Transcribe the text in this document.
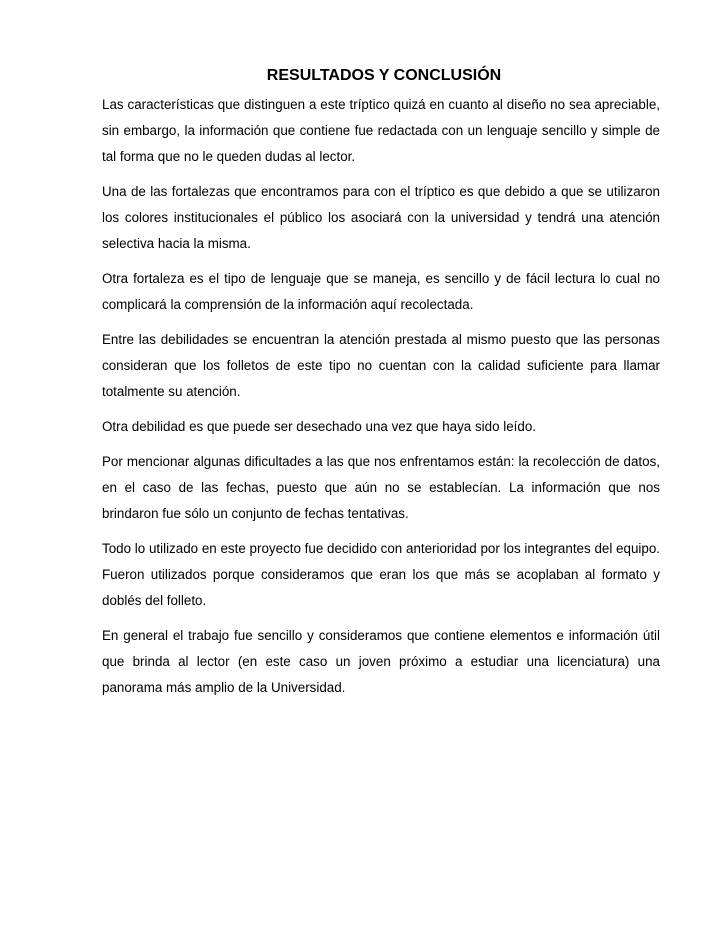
RESULTADOS Y CONCLUSIÓN

Las características que distinguen a este tríptico quizá en cuanto al diseño no sea apreciable, sin embargo, la información que contiene fue redactada con un lenguaje sencillo y simple de tal forma que no le queden dudas al lector.

Una de las fortalezas que encontramos para con el tríptico es que debido a que se utilizaron los colores institucionales el público los asociará con la universidad y tendrá una atención selectiva hacia la misma.

Otra fortaleza es el tipo de lenguaje que se maneja, es sencillo y de fácil lectura lo cual no complicará la comprensión de la información aquí recolectada.

Entre las debilidades se encuentran la atención prestada al mismo puesto que las personas consideran que los folletos de este tipo no cuentan con la calidad suficiente para llamar totalmente su atención.

Otra debilidad es que puede ser desechado una vez que haya sido leído.

Por mencionar algunas dificultades a las que nos enfrentamos están: la recolección de datos, en el caso de las fechas, puesto que aún no se establecían. La información que nos brindaron fue sólo un conjunto de fechas tentativas.

Todo lo utilizado en este proyecto fue decidido con anterioridad por los integrantes del equipo. Fueron utilizados porque consideramos que eran los que más se acoplaban al formato y doblés del folleto.

En general el trabajo fue sencillo y consideramos que contiene elementos e información útil que brinda al lector (en este caso un joven próximo a estudiar una licenciatura) una panorama más amplio de la Universidad.
